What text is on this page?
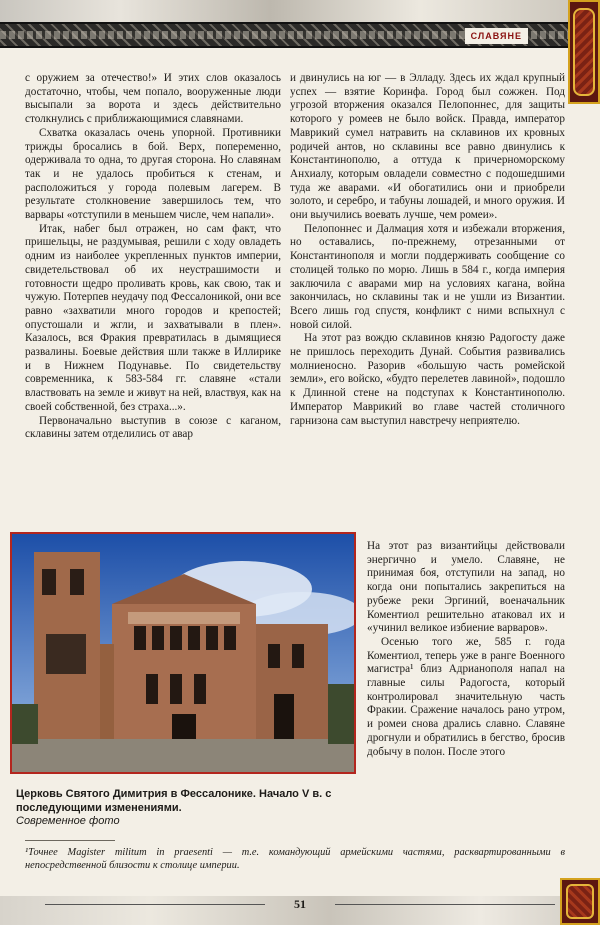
СЛАВЯНЕ

с оружием за отечество!» И этих слов оказалось достаточно, чтобы, чем попало, вооруженные люди высыпали за ворота и здесь действительно столкнулись с приближающимися славянами.

Схватка оказалась очень упорной. Противники трижды бросались в бой. Верх, попеременно, одерживала то одна, то другая сторона. Но славянам так и не удалось пробиться к стенам, и расположиться у города полевым лагерем. В результате столкновение завершилось тем, что варвары «отступили в меньшем числе, чем напали».

Итак, набег был отражен, но сам факт, что пришельцы, не раздумывая, решили с ходу овладеть одним из наиболее укрепленных пунктов империи, свидетельствовал об их неустрашимости и готовности щедро проливать кровь, как свою, так и чужую. Потерпев неудачу под Фессалоникой, они все равно «захватили много городов и крепостей; опустошали и жгли, и захватывали в плен». Казалось, вся Фракия превратилась в дымящиеся развалины. Боевые действия шли также в Иллирике и в Нижнем Подунавье. По свидетельству современника, к 583-584 гг. славяне «стали властвовать на земле и живут на ней, властвуя, как на своей собственной, без страха...».

Первоначально выступив в союзе с каганом, склавины затем отделились от авар

и двинулись на юг — в Элладу. Здесь их ждал крупный успех — взятие Коринфа. Город был сожжен. Под угрозой вторжения оказался Пелопоннес, для защиты которого у ромеев не было войск. Правда, император Маврикий сумел натравить на склавинов их кровных родичей антов, но склавины все равно двинулись к Константинополю, а оттуда к причерноморскому Анхиалу, которым овладели совместно с подошедшими туда же аварами. «И обогатились они и приобрели золото, и серебро, и табуны лошадей, и много оружия. И они выучились воевать лучше, чем ромеи».

Пелопоннес и Далмация хотя и избежали вторжения, но оставались, по-прежнему, отрезанными от Константинополя и могли поддерживать сообщение со столицей только по морю. Лишь в 584 г., когда империя заключила с аварами мир на условиях кагана, война закончилась, но склавины так и не ушли из Византии. Всего лишь год спустя, конфликт с ними вспыхнул с новой силой.

На этот раз вождю склавинов князю Радогосту даже не пришлось переходить Дунай. События развивались молниеносно. Разорив «большую часть ромейской земли», его войско, «будто перелетев лавиной», подошло к Длинной стене на подступах к Константинополю. Император Маврикий во главе частей столичного гарнизона сам выступил навстречу неприятелю.

На этот раз византийцы действовали энергично и умело. Славяне, не принимая боя, отступили на запад, но когда они попытались закрепиться на рубеже реки Эргиний, военачальник Коментиол решительно атаковал их и «учинил великое избиение варваров».

Осенью того же, 585 г. года Коментиол, теперь уже в ранге Военного магистра¹ близ Адрианополя напал на главные силы Радогоста, который контролировал значительную часть Фракии. Сражение началось рано утром, и ромеи снова дрались славно. Славяне дрогнули и обратились в бегство, бросив добычу в полон. После этого

Церковь Святого Димитрия в Фессалонике. Начало V в. с последующими изменениями.
Современное фото
¹Точнее Magister militum in praesenti — т.е. командующий армейскими частями, расквартированными в непосредственной близости к столице империи.
51
